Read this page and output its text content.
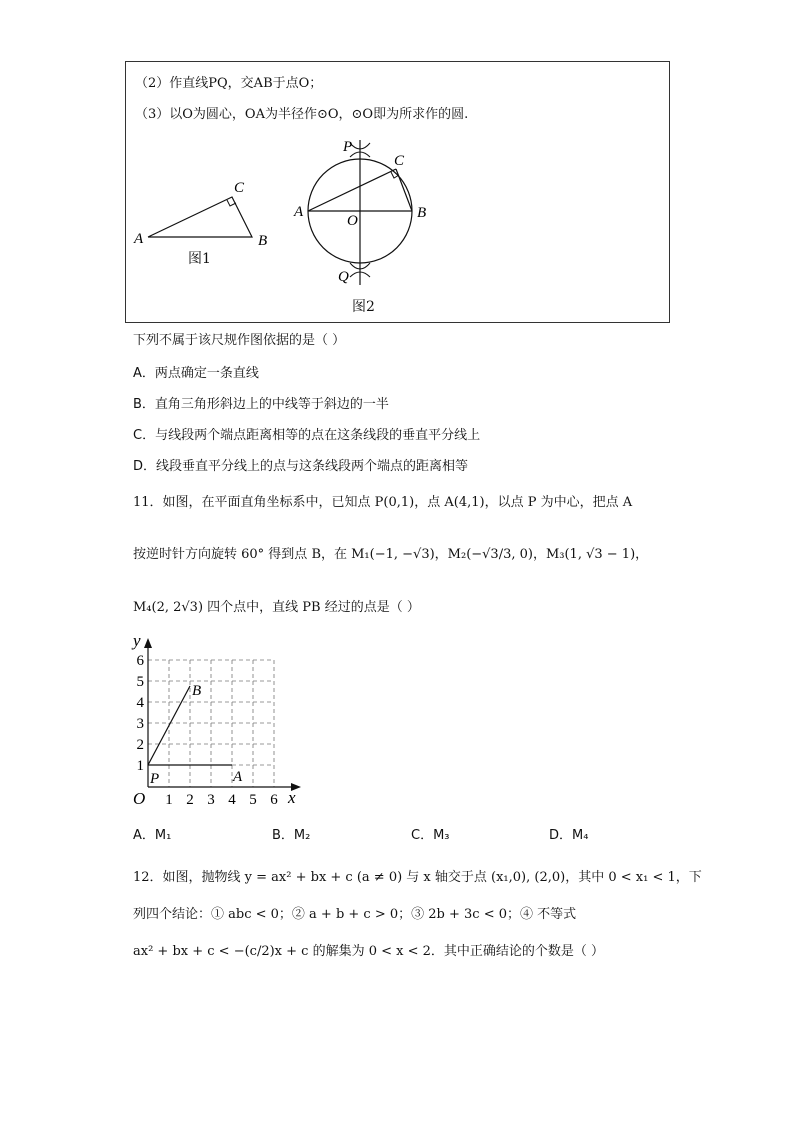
（2）作直线PQ，交AB于点O；
（3）以O为圆心，OA为半径作⊙O，⊙O即为所求作的圆.
A
C
B
图1
P
C
A
O	B
Q
图2
下列不属于该尺规作图依据的是（ ）
A．两点确定一条直线
B．直角三角形斜边上的中线等于斜边的一半
C．与线段两个端点距离相等的点在这条线段的垂直平分线上
D．线段垂直平分线上的点与这条线段两个端点的距离相等
11．如图，在平面直角坐标系中，已知点 P(0,1)，点 A(4,1)，以点 P 为中心，把点 A
按逆时针方向旋转 60° 得到点 B，在 M₁(−1, −√3)，M₂(−√3/3, 0)，M₃(1, √3 − 1)，
M₄(2, 2√3) 四个点中，直线 PB 经过的点是（ ）
y
x
O 1 2 3 4 5 6
1
2
3
4
5
6
P	A
B
A．M₁	B．M₂	C．M₃	D．M₄
12．如图，抛物线 y = ax² + bx + c (a ≠ 0) 与 x 轴交于点 (x₁,0), (2,0)，其中 0 < x₁ < 1，下
列四个结论：① abc < 0；② a + b + c > 0；③ 2b + 3c < 0；④ 不等式
ax² + bx + c < −(c/2)x + c 的解集为 0 < x < 2．其中正确结论的个数是（ ）
